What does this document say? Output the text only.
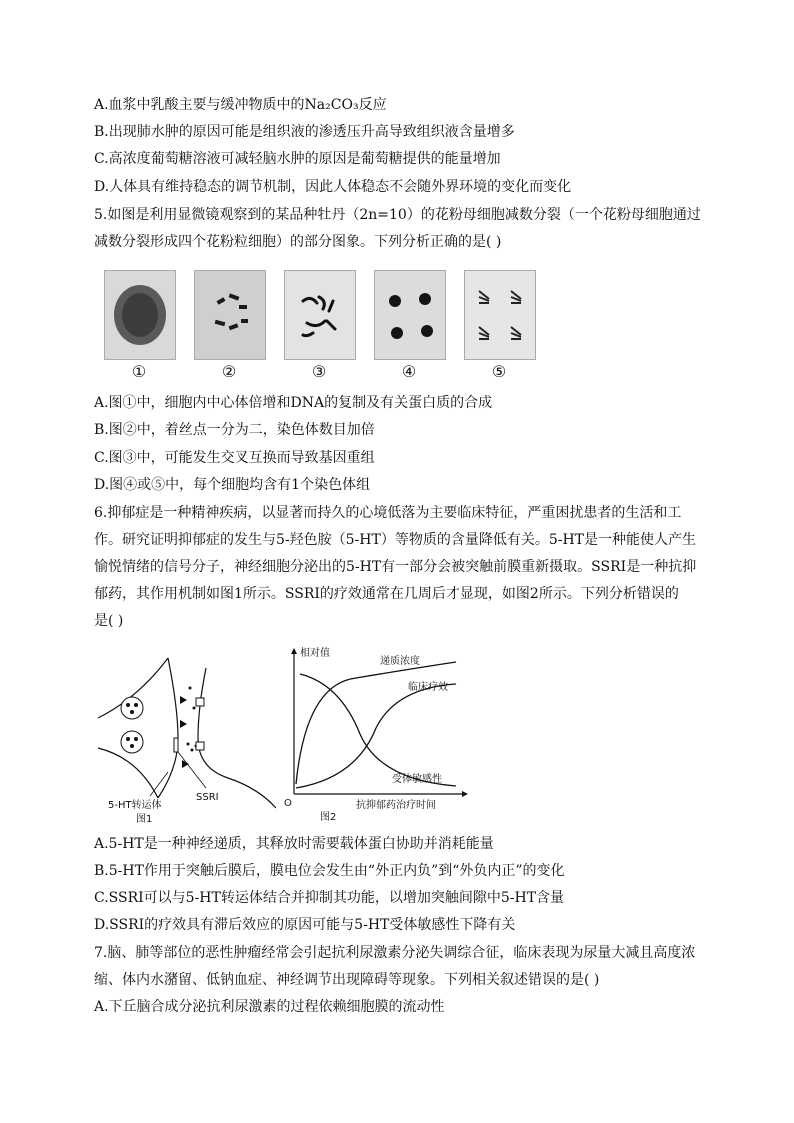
A.血浆中乳酸主要与缓冲物质中的Na₂CO₃反应
B.出现肺水肿的原因可能是组织液的渗透压升高导致组织液含量增多
C.高浓度葡萄糖溶液可减轻脑水肿的原因是葡萄糖提供的能量增加
D.人体具有维持稳态的调节机制，因此人体稳态不会随外界环境的变化而变化
5.如图是利用显微镜观察到的某品种牡丹（2n=10）的花粉母细胞减数分裂（一个花粉母细胞通过
减数分裂形成四个花粉粒细胞）的部分图象。下列分析正确的是( )
①	②	③	④	⑤
A.图①中，细胞内中心体倍增和DNA的复制及有关蛋白质的合成
B.图②中，着丝点一分为二，染色体数目加倍
C.图③中，可能发生交叉互换而导致基因重组
D.图④或⑤中，每个细胞均含有1个染色体组
6.抑郁症是一种精神疾病，以显著而持久的心境低落为主要临床特征，严重困扰患者的生活和工
作。研究证明抑郁症的发生与5-羟色胺（5-HT）等物质的含量降低有关。5-HT是一种能使人产生
愉悦情绪的信号分子，神经细胞分泌出的5-HT有一部分会被突触前膜重新摄取。SSRI是一种抗抑
郁药，其作用机制如图1所示。SSRI的疗效通常在几周后才显现，如图2所示。下列分析错误的
是( )
5-HT转运体
SSRI
图1
相对值
递质浓度
临床疗效
受体敏感性
O	抗抑郁药治疗时间
图2
A.5-HT是一种神经递质，其释放时需要载体蛋白协助并消耗能量
B.5-HT作用于突触后膜后，膜电位会发生由“外正内负”到“外负内正”的变化
C.SSRI可以与5-HT转运体结合并抑制其功能，以增加突触间隙中5-HT含量
D.SSRI的疗效具有滞后效应的原因可能与5-HT受体敏感性下降有关
7.脑、肺等部位的恶性肿瘤经常会引起抗利尿激素分泌失调综合征，临床表现为尿量大减且高度浓
缩、体内水潴留、低钠血症、神经调节出现障碍等现象。下列相关叙述错误的是( )
A.下丘脑合成分泌抗利尿激素的过程依赖细胞膜的流动性
